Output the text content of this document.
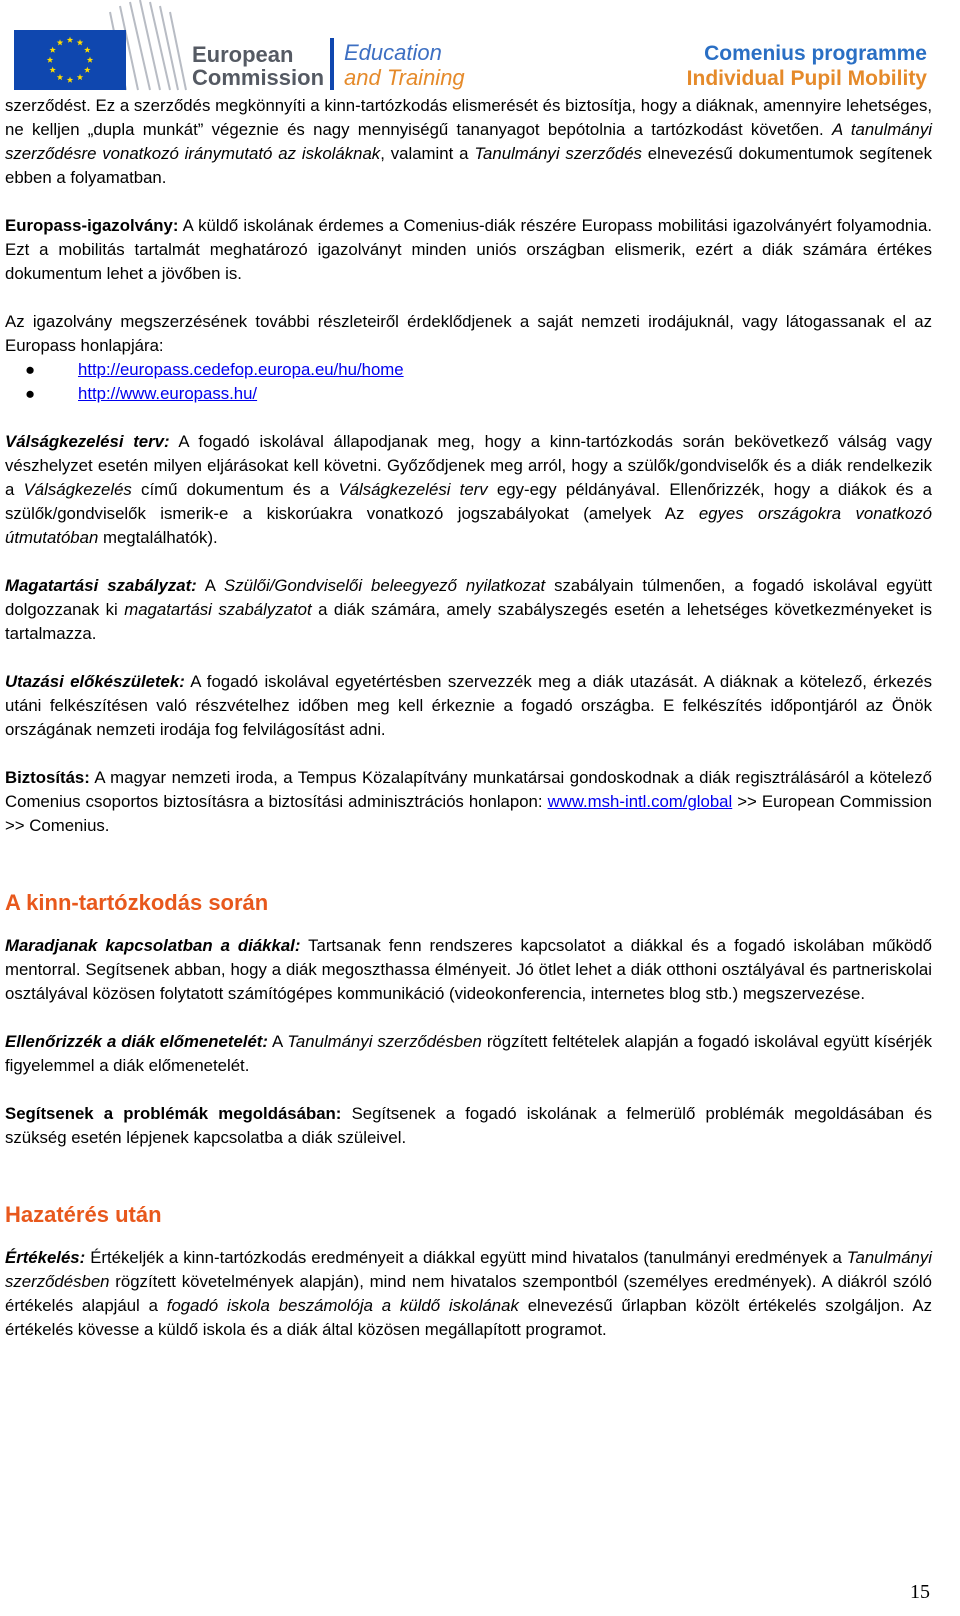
European
Commission
Education
and Training
Comenius programme
Individual Pupil Mobility

szerződést. Ez a szerződés megkönnyíti a kinn-tartózkodás elismerését és biztosítja, hogy a diáknak, amennyire lehetséges, ne kelljen „dupla munkát” végeznie és nagy mennyiségű tananyagot bepótolnia a tartózkodást követően. A tanulmányi szerződésre vonatkozó iránymutató az iskoláknak, valamint a Tanulmányi szerződés elnevezésű dokumentumok segítenek ebben a folyamatban.

Europass-igazolvány: A küldő iskolának érdemes a Comenius-diák részére Europass mobilitási igazolványért folyamodnia. Ezt a mobilitás tartalmát meghatározó igazolványt minden uniós országban elismerik, ezért a diák számára értékes dokumentum lehet a jövőben is.

Az igazolvány megszerzésének további részleteiről érdeklődjenek a saját nemzeti irodájuknál, vagy látogassanak el az Europass honlapjára:

●	http://europass.cedefop.europa.eu/hu/home
●	http://www.europass.hu/

Válságkezelési terv: A fogadó iskolával állapodjanak meg, hogy a kinn-tartózkodás során bekövetkező válság vagy vészhelyzet esetén milyen eljárásokat kell követni. Győződjenek meg arról, hogy a szülők/gondviselők és a diák rendelkezik a Válságkezelés című dokumentum és a Válságkezelési terv egy-egy példányával. Ellenőrizzék, hogy a diákok és a szülők/gondviselők ismerik-e a kiskorúakra vonatkozó jogszabályokat (amelyek Az egyes országokra vonatkozó útmutatóban megtalálhatók).

Magatartási szabályzat: A Szülői/Gondviselői beleegyező nyilatkozat szabályain túlmenően, a fogadó iskolával együtt dolgozzanak ki magatartási szabályzatot a diák számára, amely szabályszegés esetén a lehetséges következményeket is tartalmazza.

Utazási előkészületek: A fogadó iskolával egyetértésben szervezzék meg a diák utazását. A diáknak a kötelező, érkezés utáni felkészítésen való részvételhez időben meg kell érkeznie a fogadó országba. E felkészítés időpontjáról az Önök országának nemzeti irodája fog felvilágosítást adni.

Biztosítás: A magyar nemzeti iroda, a Tempus Közalapítvány munkatársai gondoskodnak a diák regisztrálásáról a kötelező Comenius csoportos biztosításra a biztosítási adminisztrációs honlapon: www.msh-intl.com/global >> European Commission >> Comenius.

A kinn-tartózkodás során

Maradjanak kapcsolatban a diákkal: Tartsanak fenn rendszeres kapcsolatot a diákkal és a fogadó iskolában működő mentorral. Segítsenek abban, hogy a diák megoszthassa élményeit. Jó ötlet lehet a diák otthoni osztályával és partneriskolai osztályával közösen folytatott számítógépes kommunikáció (videokonferencia, internetes blog stb.) megszervezése.

Ellenőrizzék a diák előmenetelét: A Tanulmányi szerződésben rögzített feltételek alapján a fogadó iskolával együtt kísérjék figyelemmel a diák előmenetelét.

Segítsenek a problémák megoldásában: Segítsenek a fogadó iskolának a felmerülő problémák megoldásában és szükség esetén lépjenek kapcsolatba a diák szüleivel.

Hazatérés után

Értékelés: Értékeljék a kinn-tartózkodás eredményeit a diákkal együtt mind hivatalos (tanulmányi eredmények a Tanulmányi szerződésben rögzített követelmények alapján), mind nem hivatalos szempontból (személyes eredmények). A diákról szóló értékelés alapjául a fogadó iskola beszámolója a küldő iskolának elnevezésű űrlapban közölt értékelés szolgáljon. Az értékelés kövesse a küldő iskola és a diák által közösen megállapított programot.

15
